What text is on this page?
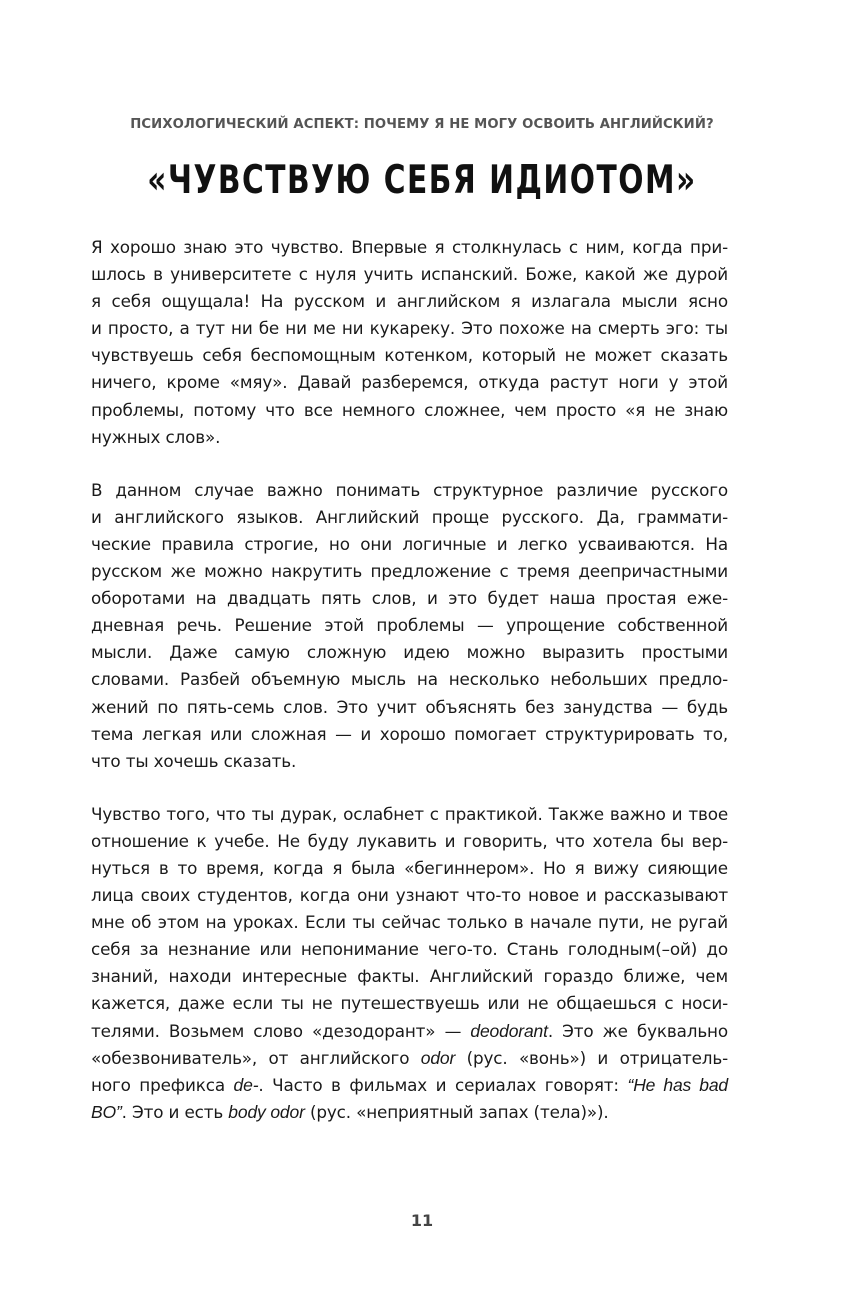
ПСИХОЛОГИЧЕСКИЙ АСПЕКТ: ПОЧЕМУ Я НЕ МОГУ ОСВОИТЬ АНГЛИЙСКИЙ?
«ЧУВСТВУЮ СЕБЯ ИДИОТОМ»

Я хорошо знаю это чувство. Впервые я столкнулась с ним, когда при-
шлось в университете с нуля учить испанский. Боже, какой же дурой
я себя ощущала! На русском и английском я излагала мысли ясно
и просто, а тут ни бе ни ме ни кукареку. Это похоже на смерть эго: ты
чувствуешь себя беспомощным котенком, который не может сказать
ничего, кроме «мяу». Давай разберемся, откуда растут ноги у этой
проблемы, потому что все немного сложнее, чем просто «я не знаю
нужных слов».

В данном случае важно понимать структурное различие русского
и английского языков. Английский проще русского. Да, граммати-
ческие правила строгие, но они логичные и легко усваиваются. На
русском же можно накрутить предложение с тремя деепричастными
оборотами на двадцать пять слов, и это будет наша простая еже-
дневная речь. Решение этой проблемы — упрощение собственной
мысли. Даже самую сложную идею можно выразить простыми
словами. Разбей объемную мысль на несколько небольших предло-
жений по пять-семь слов. Это учит объяснять без занудства — будь
тема легкая или сложная — и хорошо помогает структурировать то,
что ты хочешь сказать.

Чувство того, что ты дурак, ослабнет с практикой. Также важно и твое
отношение к учебе. Не буду лукавить и говорить, что хотела бы вер-
нуться в то время, когда я была «бегиннером». Но я вижу сияющие
лица своих студентов, когда они узнают что-то новое и рассказывают
мне об этом на уроках. Если ты сейчас только в начале пути, не ругай
себя за незнание или непонимание чего-то. Стань голодным(–ой) до
знаний, находи интересные факты. Английский гораздо ближе, чем
кажется, даже если ты не путешествуешь или не общаешься с носи-
телями. Возьмем слово «дезодорант» — deodorant. Это же буквально
«обезвониватель», от английского odor (рус. «вонь») и отрицатель-
ного префикса de-. Часто в фильмах и сериалах говорят: “He has bad
BO”. Это и есть body odor (рус. «неприятный запах (тела)»).

11
